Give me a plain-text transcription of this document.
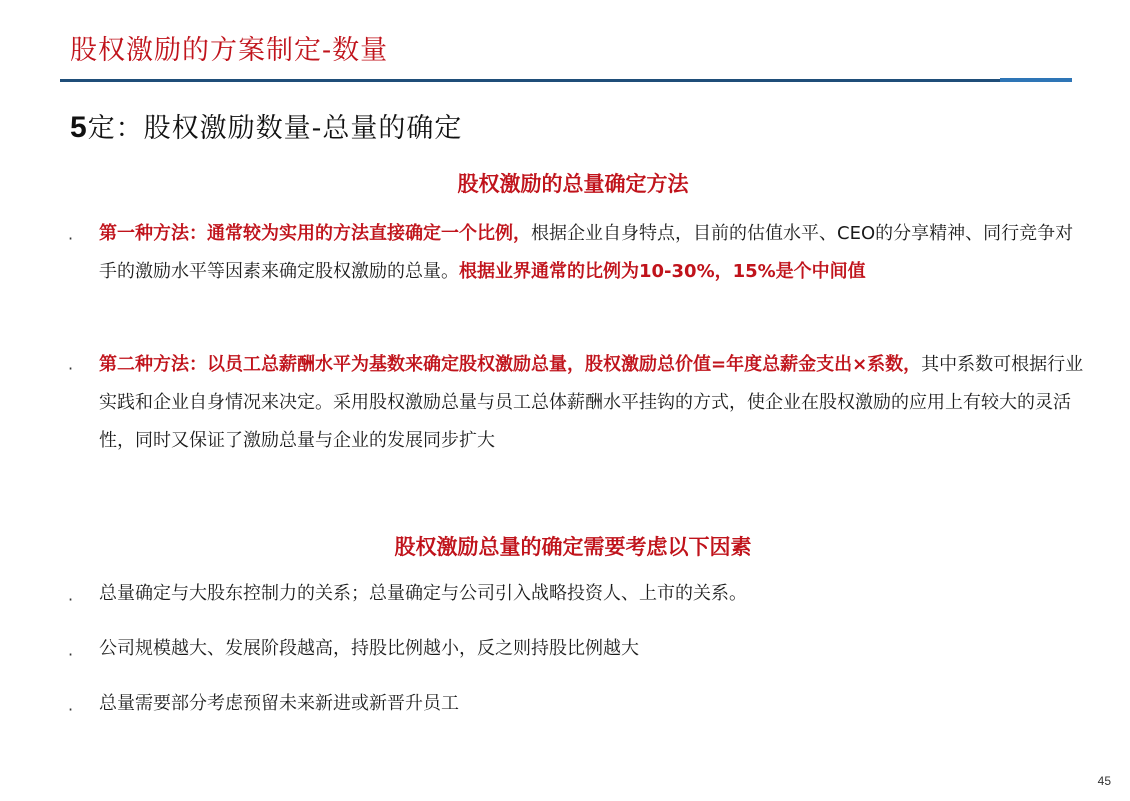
股权激励的方案制定-数量
5定：股权激励数量-总量的确定
股权激励的总量确定方法
· 第一种方法：通常较为实用的方法直接确定一个比例，根据企业自身特点，目前的估值水平、CEO的分享精神、同行竞争对手的激励水平等因素来确定股权激励的总量。根据业界通常的比例为10-30%，15%是个中间值
· 第二种方法：以员工总薪酬水平为基数来确定股权激励总量，股权激励总价值=年度总薪金支出×系数，其中系数可根据行业实践和企业自身情况来决定。采用股权激励总量与员工总体薪酬水平挂钩的方式，使企业在股权激励的应用上有较大的灵活性，同时又保证了激励总量与企业的发展同步扩大
股权激励总量的确定需要考虑以下因素
· 总量确定与大股东控制力的关系；总量确定与公司引入战略投资人、上市的关系。
· 公司规模越大、发展阶段越高，持股比例越小，反之则持股比例越大
· 总量需要部分考虑预留未来新进或新晋升员工
45
